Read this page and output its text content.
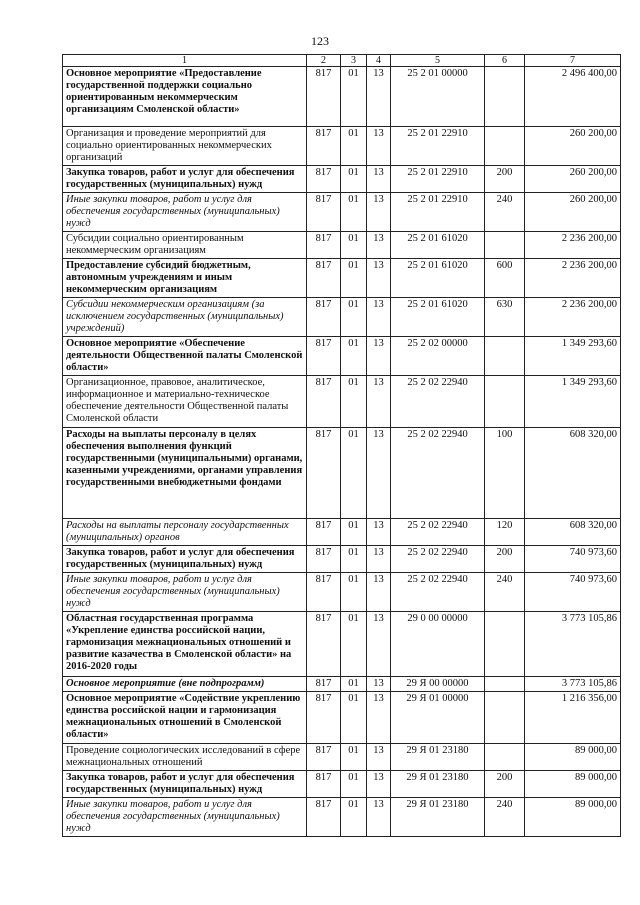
123
1	2	3	4	5	6	7
Основное мероприятие «Предоставление государственной поддержки социально ориентированным некоммерческим организациям Смоленской области»	817	01	13	25 2 01 00000		2 496 400,00
Организация и проведение мероприятий для социально ориентированных некоммерческих организаций	817	01	13	25 2 01 22910		260 200,00
Закупка товаров, работ и услуг для обеспечения государственных (муниципальных) нужд	817	01	13	25 2 01 22910	200	260 200,00
Иные закупки товаров, работ и услуг для обеспечения государственных (муниципальных) нужд	817	01	13	25 2 01 22910	240	260 200,00
Субсидии социально ориентированным некоммерческим организациям	817	01	13	25 2 01 61020		2 236 200,00
Предоставление субсидий бюджетным, автономным учреждениям и иным некоммерческим организациям	817	01	13	25 2 01 61020	600	2 236 200,00
Субсидии некоммерческим организациям (за исключением государственных (муниципальных) учреждений)	817	01	13	25 2 01 61020	630	2 236 200,00
Основное мероприятие «Обеспечение деятельности Общественной палаты Смоленской области»	817	01	13	25 2 02 00000		1 349 293,60
Организационное, правовое, аналитическое, информационное и материально-техническое обеспечение деятельности Общественной палаты Смоленской области	817	01	13	25 2 02 22940		1 349 293,60
Расходы на выплаты персоналу в целях обеспечения выполнения функций государственными (муниципальными) органами, казенными учреждениями, органами управления государственными внебюджетными фондами	817	01	13	25 2 02 22940	100	608 320,00
Расходы на выплаты персоналу государственных (муниципальных) органов	817	01	13	25 2 02 22940	120	608 320,00
Закупка товаров, работ и услуг для обеспечения государственных (муниципальных) нужд	817	01	13	25 2 02 22940	200	740 973,60
Иные закупки товаров, работ и услуг для обеспечения государственных (муниципальных) нужд	817	01	13	25 2 02 22940	240	740 973,60
Областная государственная программа «Укрепление единства российской нации, гармонизация межнациональных отношений и развитие казачества в Смоленской области» на 2016-2020 годы	817	01	13	29 0 00 00000		3 773 105,86
Основное мероприятие (вне подпрограмм)	817	01	13	29 Я 00 00000		3 773 105,86
Основное мероприятие «Содействие укреплению единства российской нации и гармонизация межнациональных отношений в Смоленской области»	817	01	13	29 Я 01 00000		1 216 356,00
Проведение социологических исследований в сфере межнациональных отношений	817	01	13	29 Я 01 23180		89 000,00
Закупка товаров, работ и услуг для обеспечения государственных (муниципальных) нужд	817	01	13	29 Я 01 23180	200	89 000,00
Иные закупки товаров, работ и услуг для обеспечения государственных (муниципальных) нужд	817	01	13	29 Я 01 23180	240	89 000,00
